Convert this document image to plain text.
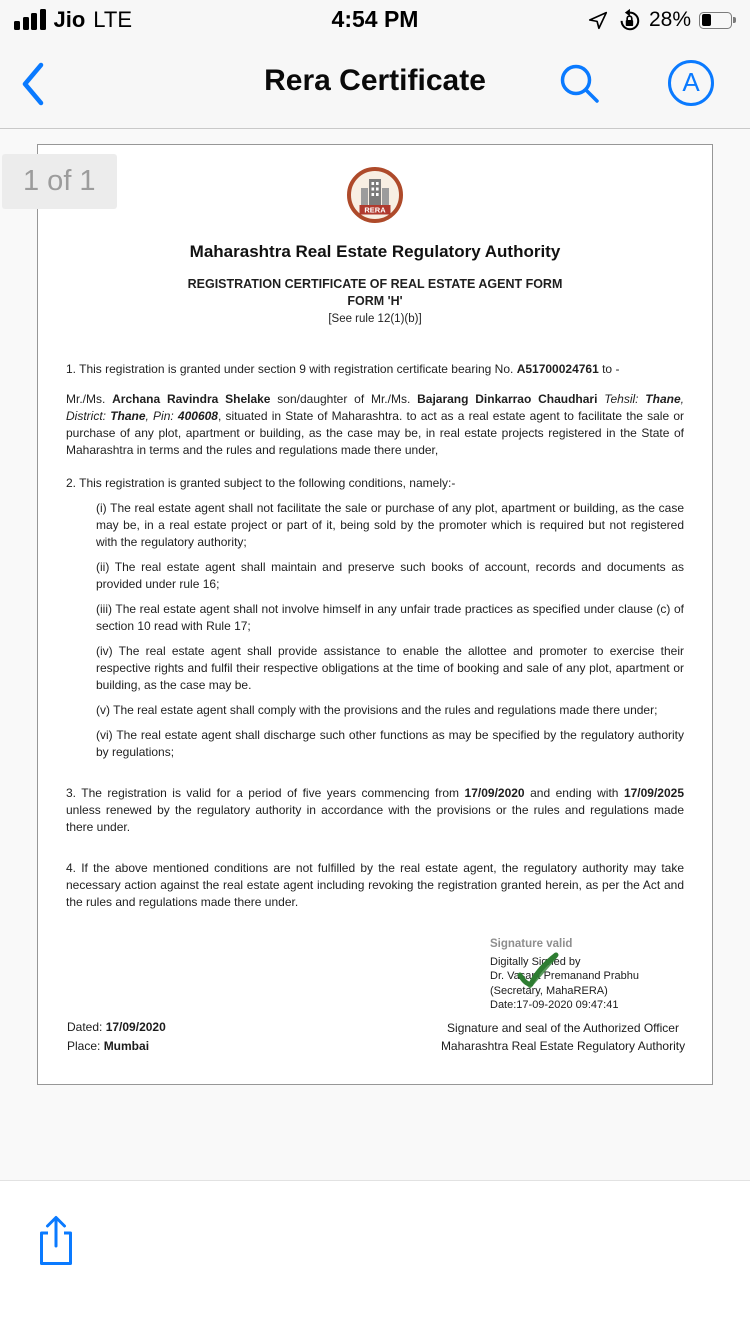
Jio LTE	4:54 PM	28%
Rera Certificate	A
1 of 1
RERA
Maharashtra Real Estate Regulatory Authority
REGISTRATION CERTIFICATE OF REAL ESTATE AGENT FORM
FORM 'H'
[See rule 12(1)(b)]

1. This registration is granted under section 9 with registration certificate bearing No. A51700024761 to -

Mr./Ms. Archana Ravindra Shelake son/daughter of Mr./Ms. Bajarang Dinkarrao Chaudhari Tehsil: Thane, District: Thane, Pin: 400608, situated in State of Maharashtra. to act as a real estate agent to facilitate the sale or purchase of any plot, apartment or building, as the case may be, in real estate projects registered in the State of Maharashtra in terms and the rules and regulations made there under,

2. This registration is granted subject to the following conditions, namely:-

(i) The real estate agent shall not facilitate the sale or purchase of any plot, apartment or building, as the case may be, in a real estate project or part of it, being sold by the promoter which is required but not registered with the regulatory authority;

(ii) The real estate agent shall maintain and preserve such books of account, records and documents as provided under rule 16;

(iii) The real estate agent shall not involve himself in any unfair trade practices as specified under clause (c) of section 10 read with Rule 17;

(iv) The real estate agent shall provide assistance to enable the allottee and promoter to exercise their respective rights and fulfil their respective obligations at the time of booking and sale of any plot, apartment or building, as the case may be.

(v) The real estate agent shall comply with the provisions and the rules and regulations made there under;

(vi) The real estate agent shall discharge such other functions as may be specified by the regulatory authority by regulations;

3. The registration is valid for a period of five years commencing from 17/09/2020 and ending with 17/09/2025 unless renewed by the regulatory authority in accordance with the provisions or the rules and regulations made there under.

4. If the above mentioned conditions are not fulfilled by the real estate agent, the regulatory authority may take necessary action against the real estate agent including revoking the registration granted herein, as per the Act and the rules and regulations made there under.

Signature valid
Digitally Signed by
Dr. Vasant Premanand Prabhu
(Secretary, MahaRERA)
Date:17-09-2020 09:47:41
Dated: 17/09/2020
Place: Mumbai
Signature and seal of the Authorized Officer
Maharashtra Real Estate Regulatory Authority
